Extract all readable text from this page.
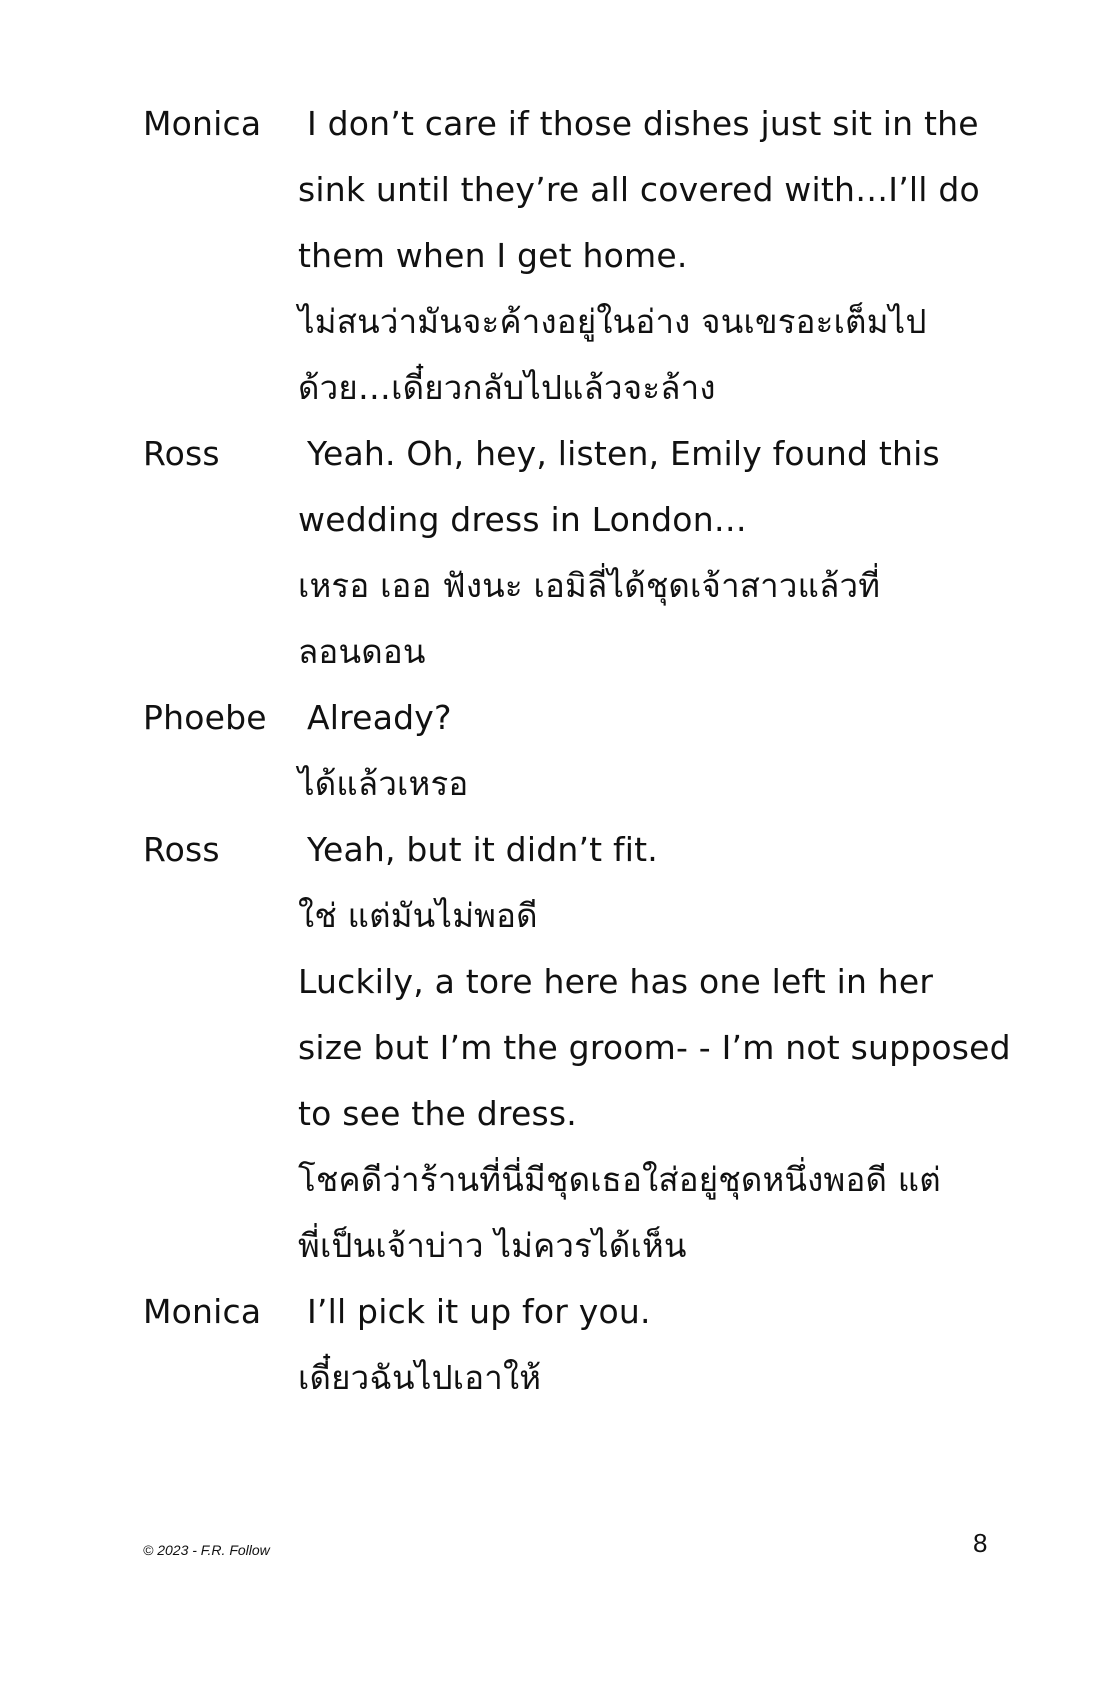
Monica I don’t care if those dishes just sit in the
sink until they’re all covered with…I’ll do
them when I get home.
ไม่สนว่ามันจะค้างอยู่ในอ่าง จนเขรอะเต็มไป
ด้วย…เดี๋ยวกลับไปแล้วจะล้าง
Ross	Yeah. Oh, hey, listen, Emily found this
wedding dress in London…
เหรอ เออ ฟังนะ เอมิลี่ได้ชุดเจ้าสาวแล้วที่
ลอนดอน
Phoebe Already?
ได้แล้วเหรอ
Ross	Yeah, but it didn’t fit.
ใช่ แต่มันไม่พอดี
Luckily, a tore here has one left in her
size but I’m the groom- - I’m not supposed
to see the dress.
โชคดีว่าร้านที่นี่มีชุดเธอใส่อยู่ชุดหนึ่งพอดี แต่
พี่เป็นเจ้าบ่าว ไม่ควรได้เห็น
Monica I’ll pick it up for you.
เดี๋ยวฉันไปเอาให้
© 2023 - F.R. Follow	8
